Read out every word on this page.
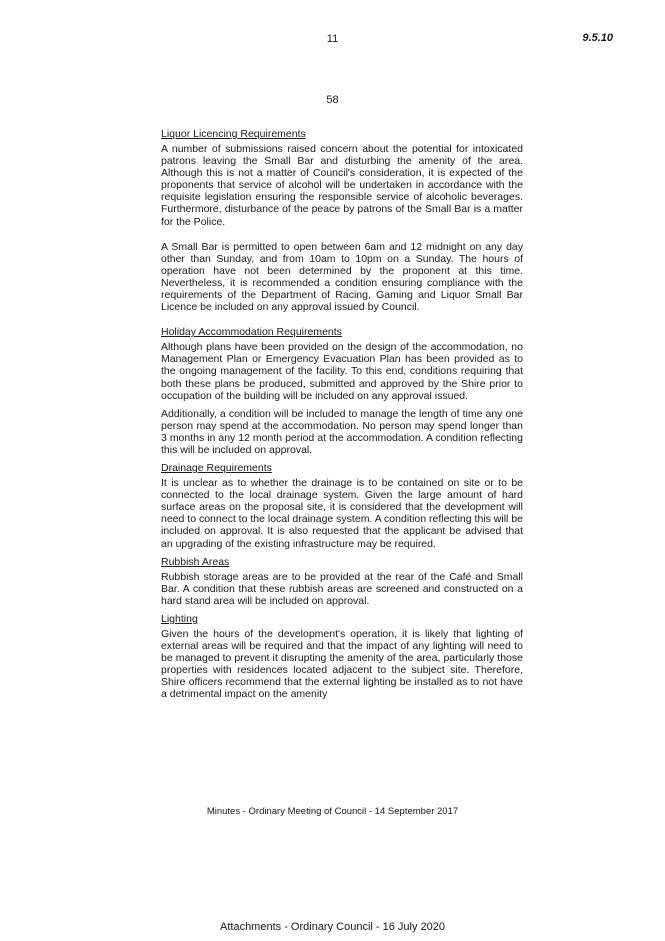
11	9.5.10
58
Liquor Licencing Requirements

A number of submissions raised concern about the potential for intoxicated patrons leaving the Small Bar and disturbing the amenity of the area. Although this is not a matter of Council's consideration, it is expected of the proponents that service of alcohol will be undertaken in accordance with the requisite legislation ensuring the responsible service of alcoholic beverages. Furthermore, disturbance of the peace by patrons of the Small Bar is a matter for the Police.

A Small Bar is permitted to open between 6am and 12 midnight on any day other than Sunday, and from 10am to 10pm on a Sunday. The hours of operation have not been determined by the proponent at this time. Nevertheless, it is recommended a condition ensuring compliance with the requirements of the Department of Racing, Gaming and Liquor Small Bar Licence be included on any approval issued by Council.

Holiday Accommodation Requirements

Although plans have been provided on the design of the accommodation, no Management Plan or Emergency Evacuation Plan has been provided as to the ongoing management of the facility. To this end, conditions requiring that both these plans be produced, submitted and approved by the Shire prior to occupation of the building will be included on any approval issued.

Additionally, a condition will be included to manage the length of time any one person may spend at the accommodation. No person may spend longer than 3 months in any 12 month period at the accommodation. A condition reflecting this will be included on approval.

Drainage Requirements

It is unclear as to whether the drainage is to be contained on site or to be connected to the local drainage system. Given the large amount of hard surface areas on the proposal site, it is considered that the development will need to connect to the local drainage system. A condition reflecting this will be included on approval. It is also requested that the applicant be advised that an upgrading of the existing infrastructure may be required.

Rubbish Areas

Rubbish storage areas are to be provided at the rear of the Café and Small Bar. A condition that these rubbish areas are screened and constructed on a hard stand area will be included on approval.

Lighting

Given the hours of the development's operation, it is likely that lighting of external areas will be required and that the impact of any lighting will need to be managed to prevent it disrupting the amenity of the area, particularly those properties with residences located adjacent to the subject site. Therefore, Shire officers recommend that the external lighting be installed as to not have a detrimental impact on the amenity

Minutes - Ordinary Meeting of Council - 14 September 2017
Attachments - Ordinary Council - 16 July 2020
